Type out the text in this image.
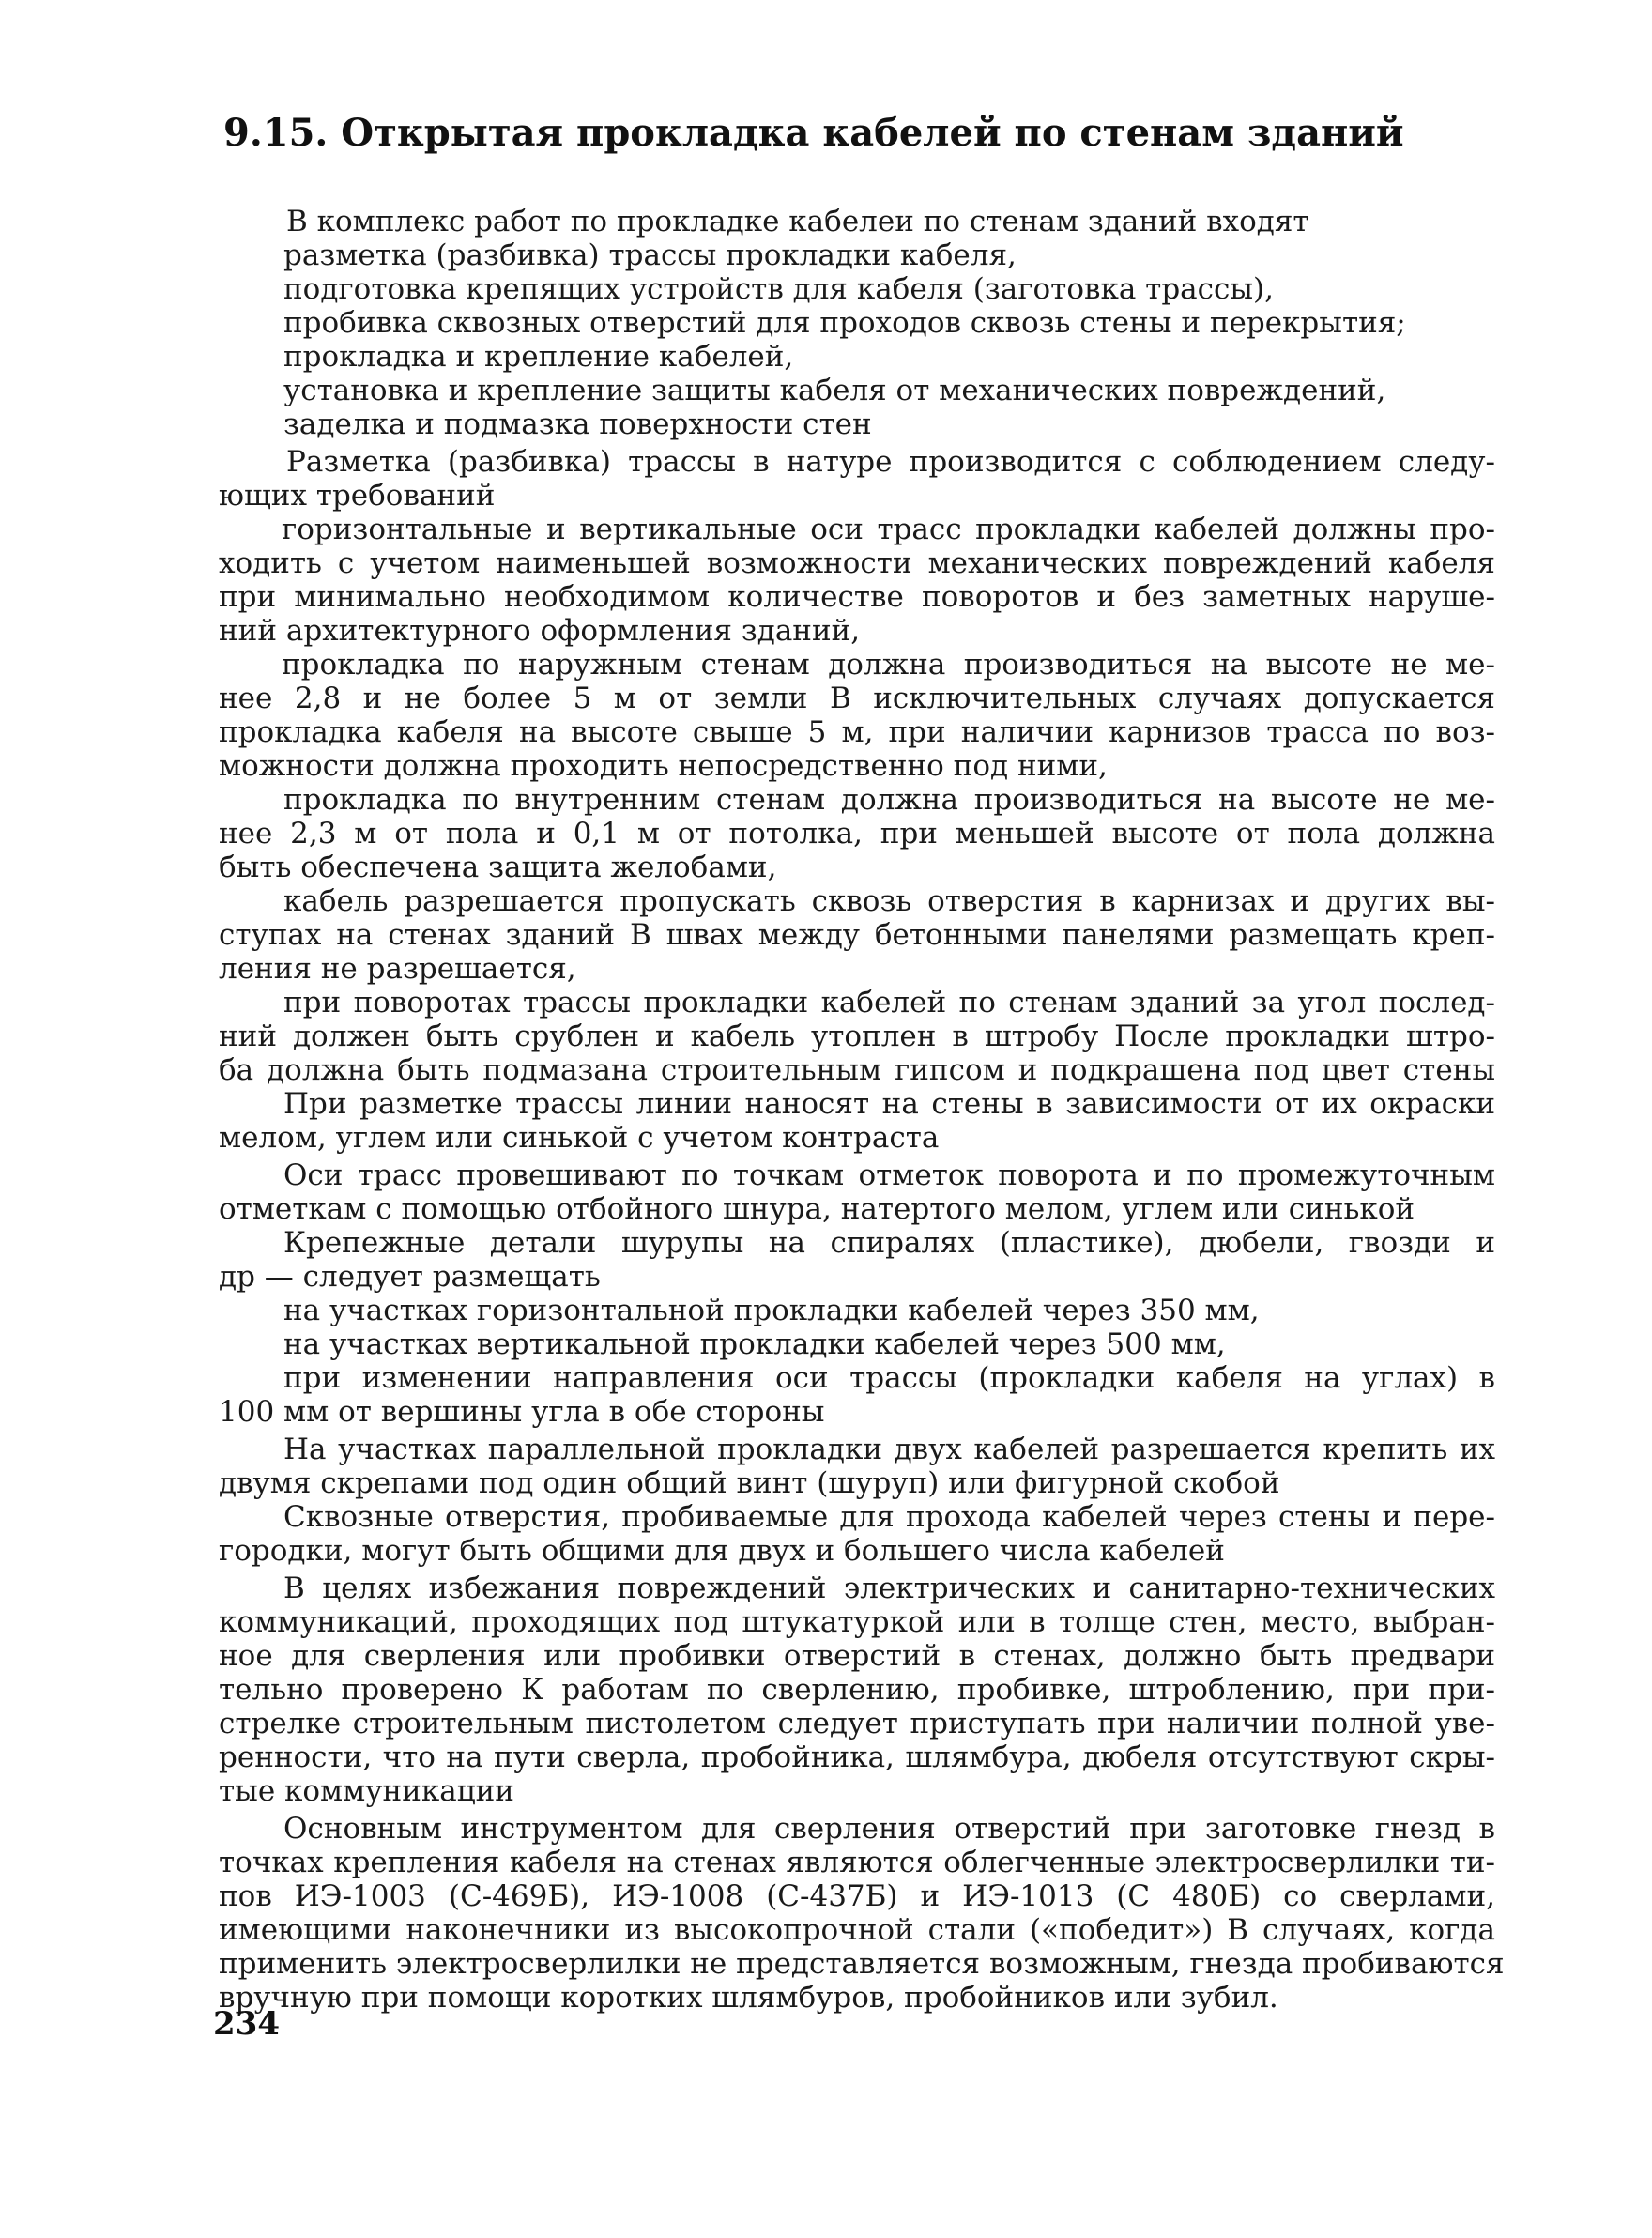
9.15. Открытая прокладка кабелей по стенам зданий
В комплекс работ по прокладке кабелеи по стенам зданий входят
разметка (разбивка) трассы прокладки кабеля,
подготовка крепящих устройств для кабеля (заготовка трассы),
пробивка сквозных отверстий для проходов сквозь стены и перекрытия;
прокладка и крепление кабелей,
установка и крепление защиты кабеля от механических повреждений,
заделка и подмазка поверхности стен
Разметка (разбивка) трассы в натуре производится с соблюдением следу-
ющих требований
горизонтальные и вертикальные оси трасс прокладки кабелей должны про-
ходить с учетом наименьшей возможности механических повреждений кабеля
при минимально необходимом количестве поворотов и без заметных наруше-
ний архитектурного оформления зданий,
прокладка по наружным стенам должна производиться на высоте не ме-
нее 2,8 и не более 5 м от земли В исключительных случаях допускается
прокладка кабеля на высоте свыше 5 м, при наличии карнизов трасса по воз-
можности должна проходить непосредственно под ними,
прокладка по внутренним стенам должна производиться на высоте не ме-
нее 2,3 м от пола и 0,1 м от потолка, при меньшей высоте от пола должна
быть обеспечена защита желобами,
кабель разрешается пропускать сквозь отверстия в карнизах и других вы-
ступах на стенах зданий В швах между бетонными панелями размещать креп-
ления не разрешается,
при поворотах трассы прокладки кабелей по стенам зданий за угол послед-
ний должен быть срублен и кабель утоплен в штробу После прокладки штро-
ба должна быть подмазана строительным гипсом и подкрашена под цвет стены
При разметке трассы линии наносят на стены в зависимости от их окраски
мелом, углем или синькой с учетом контраста
Оси трасс провешивают по точкам отметок поворота и по промежуточным
отметкам с помощью отбойного шнура, натертого мелом, углем или синькой
Крепежные детали шурупы на спиралях (пластике), дюбели, гвозди и
др — следует размещать
на участках горизонтальной прокладки кабелей через 350 мм,
на участках вертикальной прокладки кабелей через 500 мм,
при изменении направления оси трассы (прокладки кабеля на углах) в
100 мм от вершины угла в обе стороны
На участках параллельной прокладки двух кабелей разрешается крепить их
двумя скрепами под один общий винт (шуруп) или фигурной скобой
Сквозные отверстия, пробиваемые для прохода кабелей через стены и пере-
городки, могут быть общими для двух и большего числа кабелей
В целях избежания повреждений электрических и санитарно-технических
коммуникаций, проходящих под штукатуркой или в толще стен, место, выбран-
ное для сверления или пробивки отверстий в стенах, должно быть предвари
тельно проверено К работам по сверлению, пробивке, штроблению, при при-
стрелке строительным пистолетом следует приступать при наличии полной уве-
ренности, что на пути сверла, пробойника, шлямбура, дюбеля отсутствуют скры-
тые коммуникации
Основным инструментом для сверления отверстий при заготовке гнезд в
точках крепления кабеля на стенах являются облегченные электросверлилки ти-
пов ИЭ-1003 (С-469Б), ИЭ-1008 (С-437Б) и ИЭ-1013 (С 480Б) со сверлами,
имеющими наконечники из высокопрочной стали («победит») В случаях, когда
применить электросверлилки не представляется возможным, гнезда пробиваются
вручную при помощи коротких шлямбуров, пробойников или зубил.
234
